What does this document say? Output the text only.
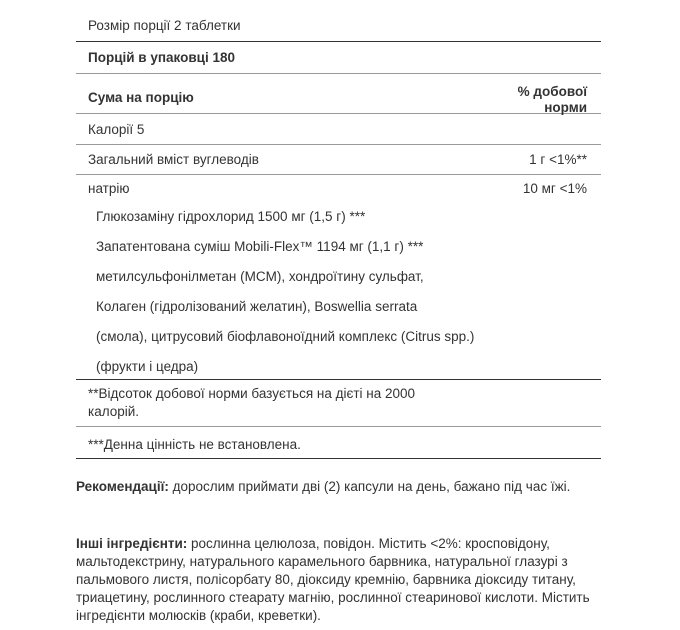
Розмір порції 2 таблетки
Порцій в упаковці 180
Сума на порцію	% добової
норми
Калорії 5
Загальний вміст вуглеводів	1 г <1%**
натрію	10 мг <1%
Глюкозаміну гідрохлорид 1500 мг (1,5 г) ***
Запатентована суміш Mobili-Flex™ 1194 мг (1,1 г) ***
метилсульфонілметан (MCM), хондроїтину сульфат,
Колаген (гідролізований желатин), Boswellia serrata
(смола), цитрусовий біофлавоноїдний комплекс (Citrus spp.)
(фрукти і цедра)
**Відсоток добової норми базується на дієті на 2000
калорій.
***Денна цінність не встановлена.
Рекомендації: дорослим приймати дві (2) капсули на день, бажано під час їжі.
Інші інгредієнти: рослинна целюлоза, повідон. Містить <2%: кросповідону, мальтодекстрину, натурального карамельного барвника, натуральної глазурі з пальмового листя, полісорбату 80, діоксиду кремнію, барвника діоксиду титану, триацетину, рослинного стеарату магнію, рослинної стеаринової кислоти. Містить інгредієнти молюсків (краби, креветки).
